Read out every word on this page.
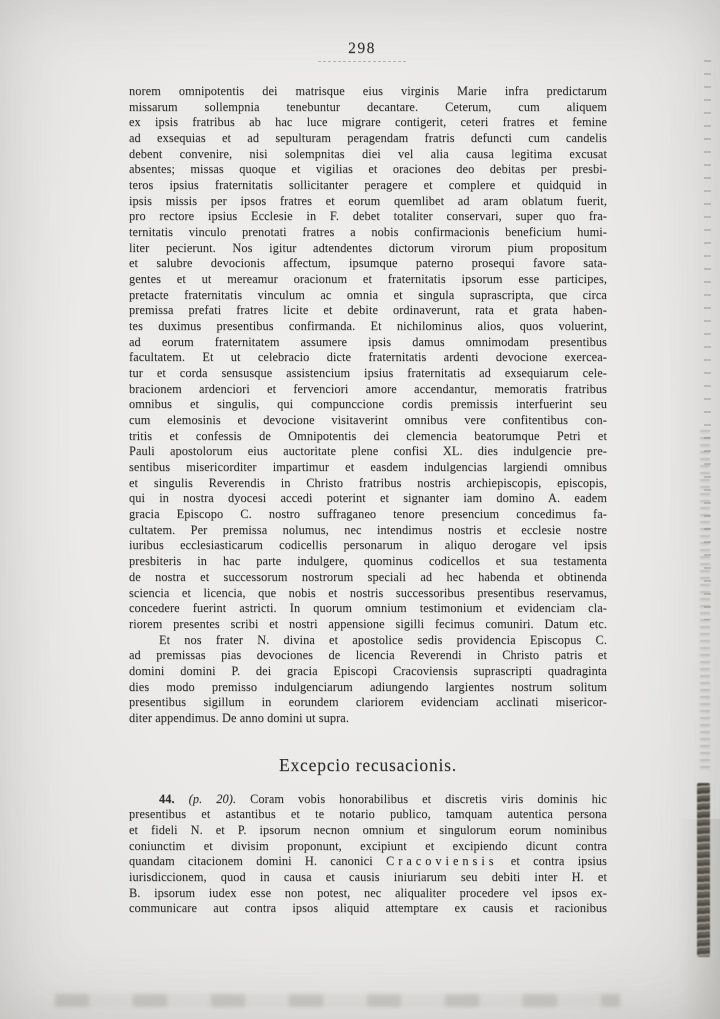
298
norem omnipotentis dei matrisque eius virginis Marie infra predictarum
missarum sollempnia tenebuntur decantare. Ceterum, cum aliquem
ex ipsis fratribus ab hac luce migrare contigerit, ceteri fratres et femine
ad exsequias et ad sepulturam peragendam fratris defuncti cum candelis
debent convenire, nisi solempnitas diei vel alia causa legitima excusat
absentes; missas quoque et vigilias et oraciones deo debitas per presbi-
teros ipsius fraternitatis sollicitanter peragere et complere et quidquid in
ipsis missis per ipsos fratres et eorum quemlibet ad aram oblatum fuerit,
pro rectore ipsius Ecclesie in F. debet totaliter conservari, super quo fra-
ternitatis vinculo prenotati fratres a nobis confirmacionis beneficium humi-
liter pecierunt. Nos igitur adtendentes dictorum virorum pium propositum
et salubre devocionis affectum, ipsumque paterno prosequi favore sata-
gentes et ut mereamur oracionum et fraternitatis ipsorum esse participes,
pretacte fraternitatis vinculum ac omnia et singula suprascripta, que circa
premissa prefati fratres licite et debite ordinaverunt, rata et grata haben-
tes duximus presentibus confirmanda. Et nichilominus alios, quos voluerint,
ad eorum fraternitatem assumere ipsis damus omnimodam presentibus
facultatem. Et ut celebracio dicte fraternitatis ardenti devocione exercea-
tur et corda sensusque assistencium ipsius fraternitatis ad exsequiarum cele-
bracionem ardenciori et fervenciori amore accendantur, memoratis fratribus
omnibus et singulis, qui compunccione cordis premissis interfuerint seu
cum elemosinis et devocione visitaverint omnibus vere confitentibus con-
tritis et confessis de Omnipotentis dei clemencia beatorumque Petri et
Pauli apostolorum eius auctoritate plene confisi XL. dies indulgencie pre-
sentibus misericorditer impartimur et easdem indulgencias largiendi omnibus
et singulis Reverendis in Christo fratribus nostris archiepiscopis, episcopis,
qui in nostra dyocesi accedi poterint et signanter iam domino A. eadem
gracia Episcopo C. nostro suffraganeo tenore presencium concedimus fa-
cultatem. Per premissa nolumus, nec intendimus nostris et ecclesie nostre
iuribus ecclesiasticarum codicellis personarum in aliquo derogare vel ipsis
presbiteris in hac parte indulgere, quominus codicellos et sua testamenta
de nostra et successorum nostrorum speciali ad hec habenda et obtinenda
sciencia et licencia, que nobis et nostris successoribus presentibus reservamus,
concedere fuerint astricti. In quorum omnium testimonium et evidenciam cla-
riorem presentes scribi et nostri appensione sigilli fecimus comuniri. Datum etc.
Et nos frater N. divina et apostolice sedis providencia Episcopus C.
ad premissas pias devociones de licencia Reverendi in Christo patris et
domini domini P. dei gracia Episcopi Cracoviensis suprascripti quadraginta
dies modo premisso indulgenciarum adiungendo largientes nostrum solitum
presentibus sigillum in eorundem clariorem evidenciam acclinati misericor-
diter appendimus. De anno domini ut supra.
Excepcio recusacionis.
44. (p. 20). Coram vobis honorabilibus et discretis viris dominis hic
presentibus et astantibus et te notario publico, tamquam autentica persona
et fideli N. et P. ipsorum necnon omnium et singulorum eorum nominibus
coniunctim et divisim proponunt, excipiunt et excipiendo dicunt contra
quandam citacionem domini H. canonici Cracoviensis et contra ipsius
iurisdiccionem, quod in causa et causis iniuriarum seu debiti inter H. et
B. ipsorum iudex esse non potest, nec aliqualiter procedere vel ipsos ex-
communicare aut contra ipsos aliquid attemptare ex causis et racionibus
